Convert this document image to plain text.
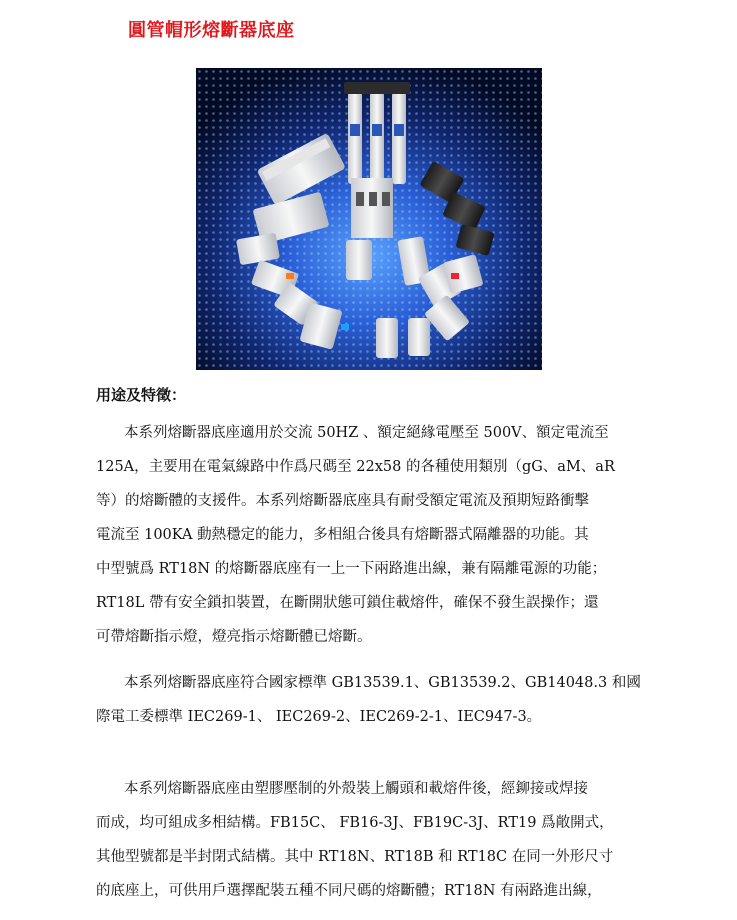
圓管帽形熔斷器底座
用途及特徵：
本系列熔斷器底座適用於交流 50HZ 、額定絕緣電壓至 500V、額定電流至
125A，主要用在電氣線路中作爲尺碼至 22x58 的各種使用類別（gG、aM、aR
等）的熔斷體的支援件。本系列熔斷器底座具有耐受額定電流及預期短路衝擊
電流至 100KA 動熱穩定的能力，多相組合後具有熔斷器式隔離器的功能。其
中型號爲 RT18N 的熔斷器底座有一上一下兩路進出線，兼有隔離電源的功能；
RT18L 帶有安全鎖扣裝置，在斷開狀態可鎖住載熔件，確保不發生誤操作；還
可帶熔斷指示燈，燈亮指示熔斷體已熔斷。
本系列熔斷器底座符合國家標準 GB13539.1、GB13539.2、GB14048.3 和國
際電工委標準 IEC269-1、 IEC269-2、IEC269-2-1、IEC947-3。
本系列熔斷器底座由塑膠壓制的外殼裝上觸頭和載熔件後，經鉚接或焊接
而成，均可組成多相結構。FB15C、 FB16-3J、FB19C-3J、RT19 爲敞開式，
其他型號都是半封閉式結構。其中 RT18N、RT18B 和 RT18C 在同一外形尺寸
的底座上，可供用戶選擇配裝五種不同尺碼的熔斷體；RT18N 有兩路進出線，
